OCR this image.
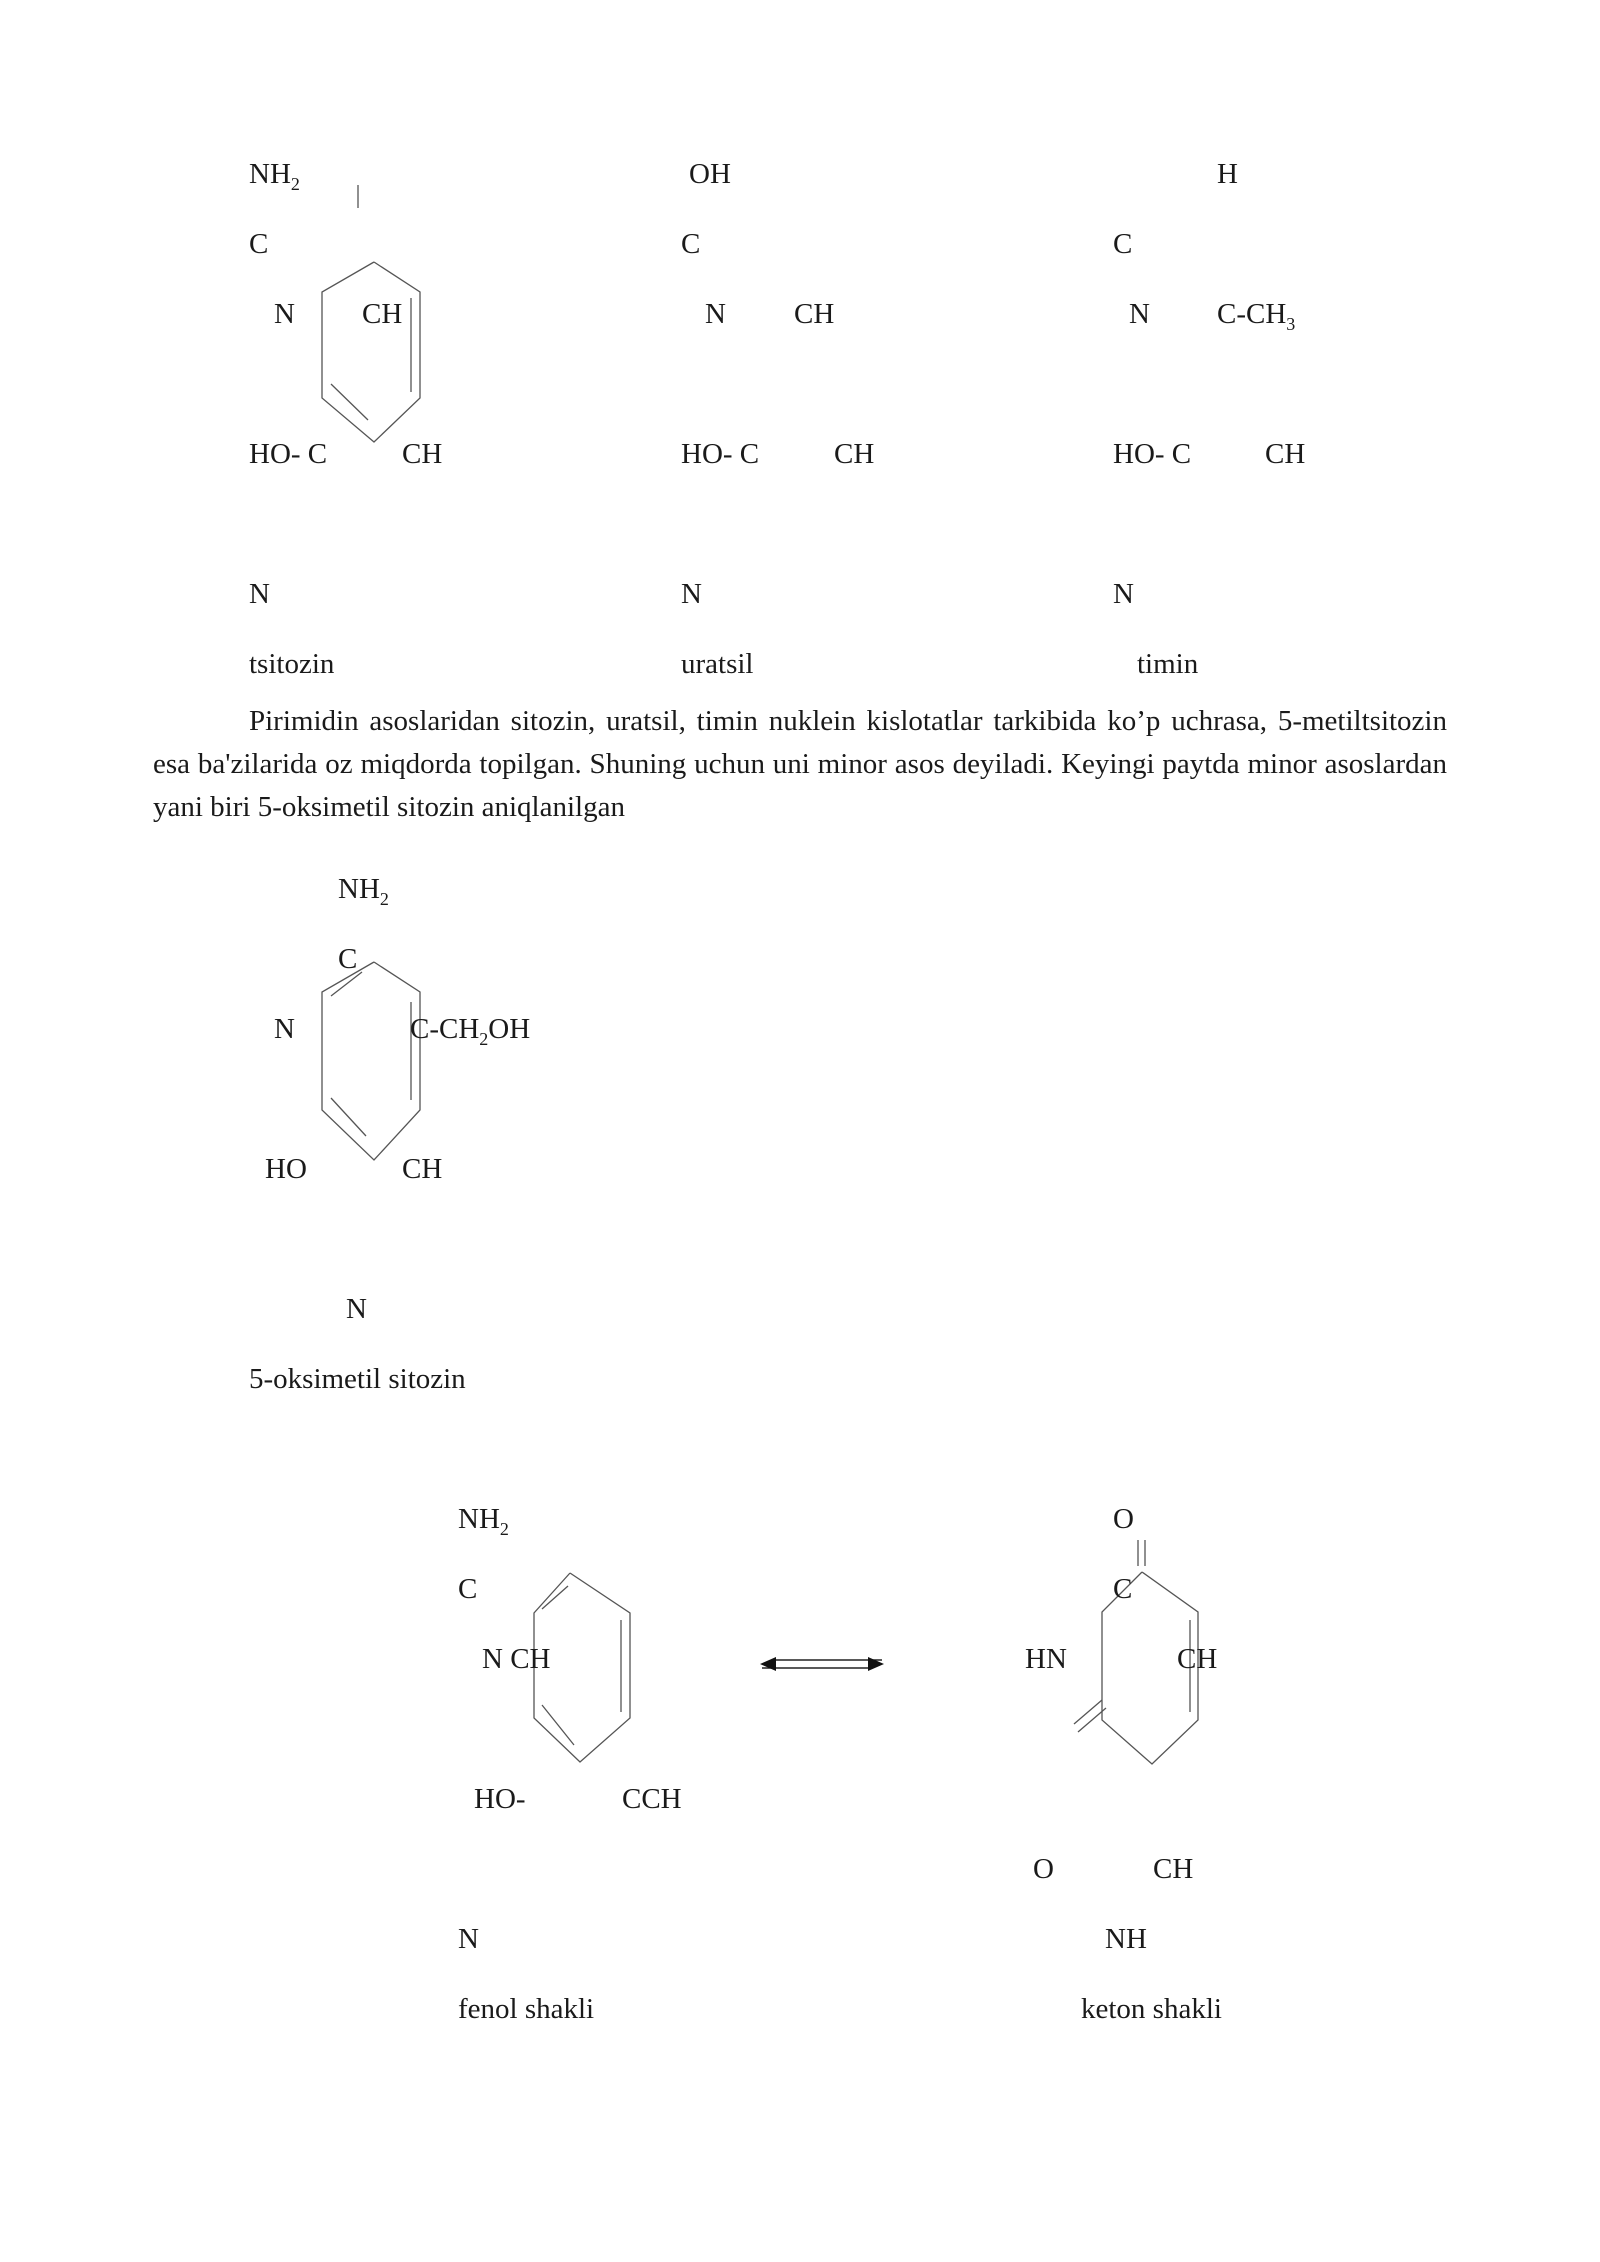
$NH_2$
C
N CH
HO- C	CH
N
tsitozin
OH
C
N CH
HO- C	CH
N
uratsil
H
C
N $C-CH_3$
HO- C	CH
N
timin
Pirimidin asoslaridan sitozin, uratsil, timin nuklein kislotatlar tarkibida ko’p uchrasa, 5-metiltsitozin esa ba'zilarida oz miqdorda topilgan. Shuning uchun uni minor asos deyiladi. Keyingi paytda minor asoslardan yani biri 5-oksimetil sitozin aniqlanilgan
$NH_2$
C
N	$C-CH_2OH$
HO	CH
N
5-oksimetil sitozin
$NH_2$
C
N CH
HO-	CCH
N
fenol shakli
O
C
HN	CH
O	CH
NH
keton shakli
